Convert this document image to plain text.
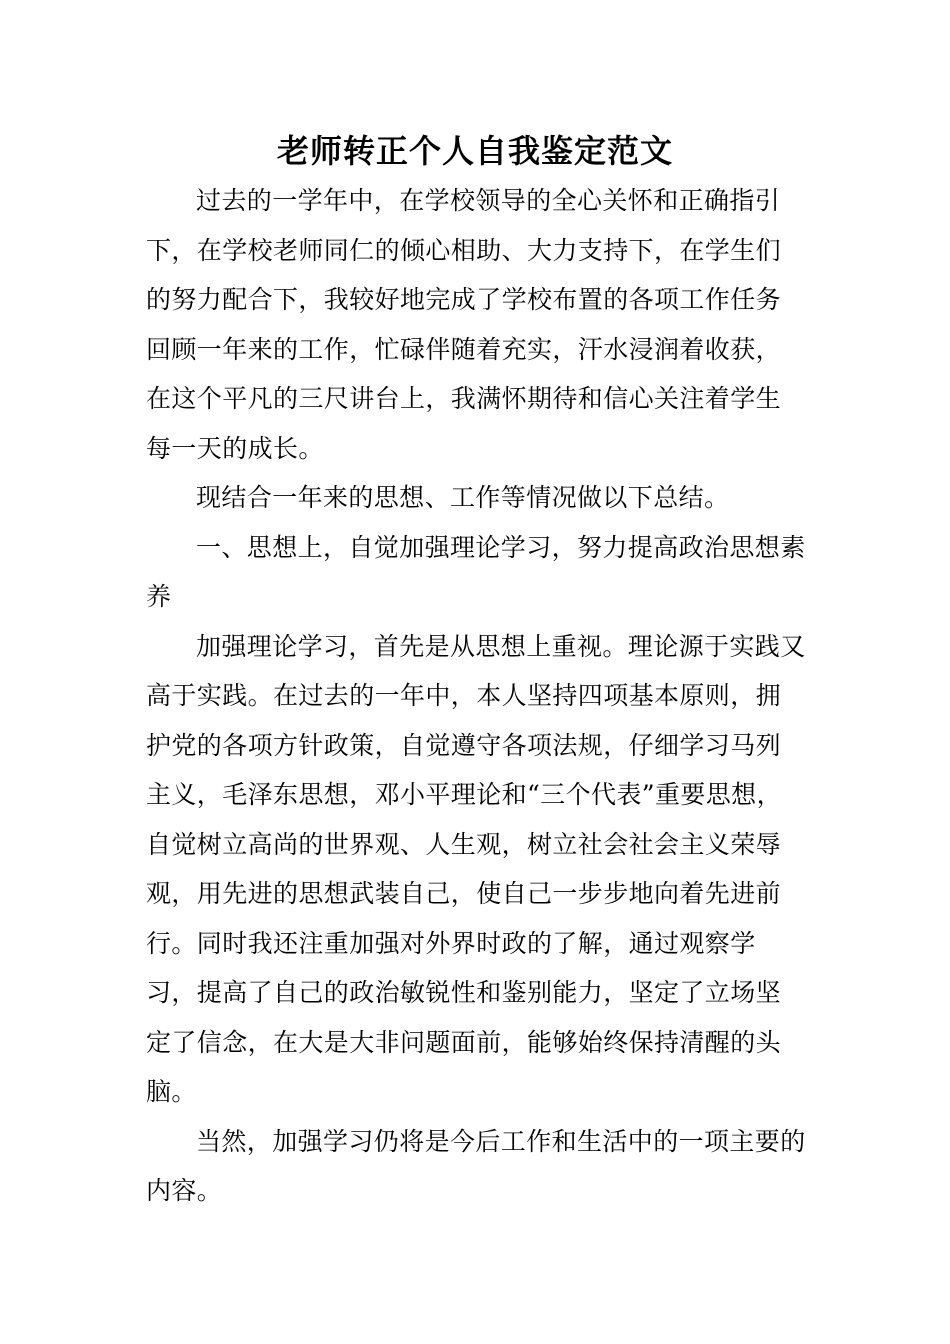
老师转正个人自我鉴定范文

过去的一学年中，在学校领导的全心关怀和正确指引下，在学校老师同仁的倾心相助、大力支持下，在学生们的努力配合下，我较好地完成了学校布置的各项工作任务回顾一年来的工作，忙碌伴随着充实，汗水浸润着收获，在这个平凡的三尺讲台上，我满怀期待和信心关注着学生每一天的成长。

现结合一年来的思想、工作等情况做以下总结。

一、思想上，自觉加强理论学习，努力提高政治思想素养

加强理论学习，首先是从思想上重视。理论源于实践又高于实践。在过去的一年中，本人坚持四项基本原则，拥护党的各项方针政策，自觉遵守各项法规，仔细学习马列主义，毛泽东思想，邓小平理论和“三个代表”重要思想，自觉树立高尚的世界观、人生观，树立社会社会主义荣辱观，用先进的思想武装自己，使自己一步步地向着先进前行。同时我还注重加强对外界时政的了解，通过观察学习，提高了自己的政治敏锐性和鉴别能力，坚定了立场坚定了信念，在大是大非问题面前，能够始终保持清醒的头脑。

当然，加强学习仍将是今后工作和生活中的一项主要的内容。
